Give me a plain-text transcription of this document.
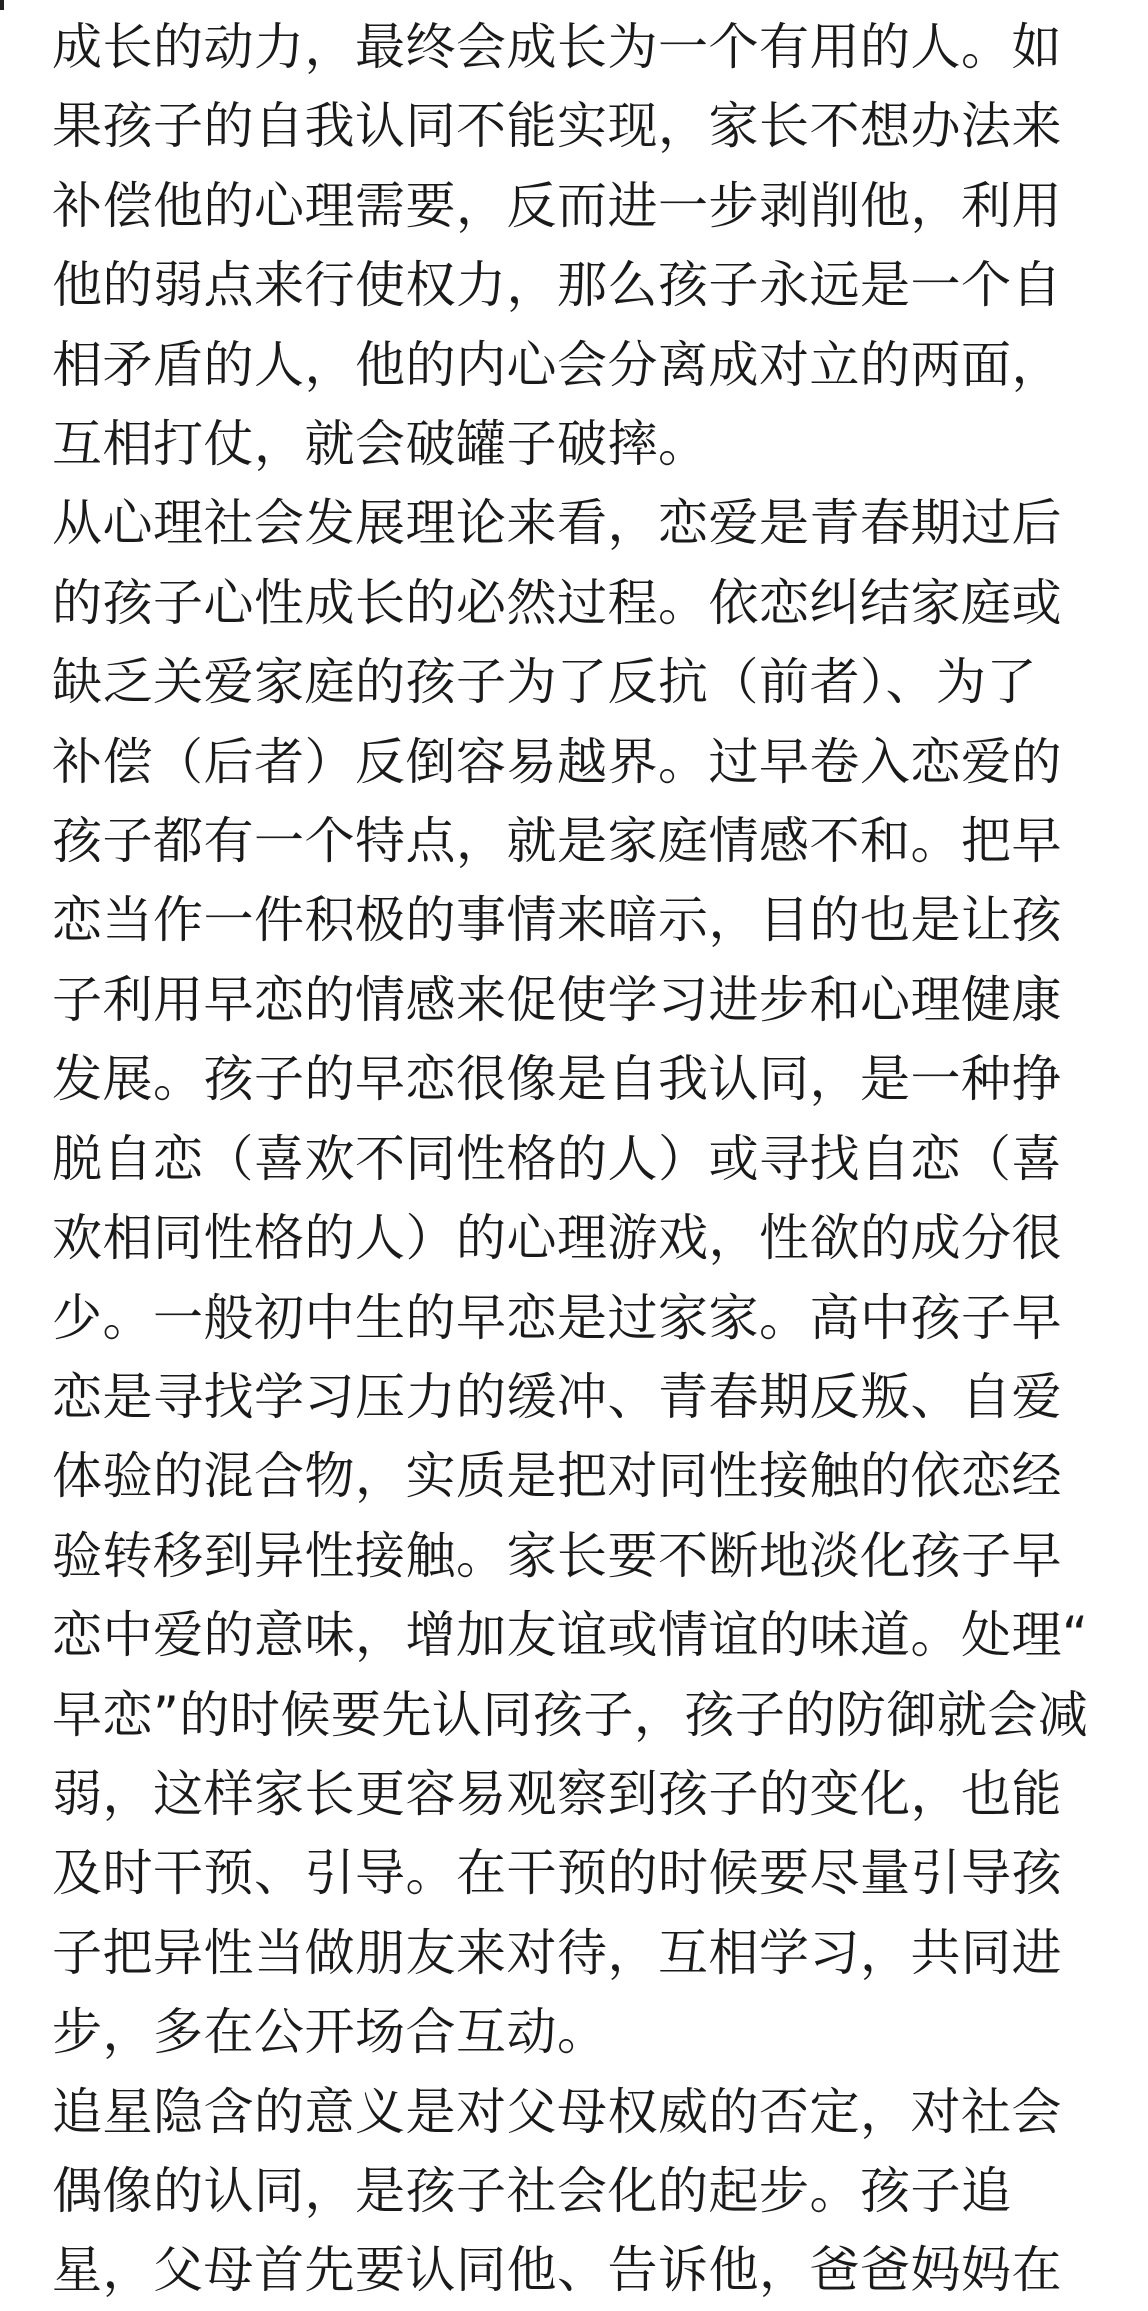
成长的动力，最终会成长为一个有用的人。如
果孩子的自我认同不能实现，家长不想办法来
补偿他的心理需要，反而进一步剥削他，利用
他的弱点来行使权力，那么孩子永远是一个自
相矛盾的人，他的内心会分离成对立的两面，
互相打仗，就会破罐子破摔。
从心理社会发展理论来看，恋爱是青春期过后
的孩子心性成长的必然过程。依恋纠结家庭或
缺乏关爱家庭的孩子为了反抗（前者）、为了
补偿（后者）反倒容易越界。过早卷入恋爱的
孩子都有一个特点，就是家庭情感不和。把早
恋当作一件积极的事情来暗示，目的也是让孩
子利用早恋的情感来促使学习进步和心理健康
发展。孩子的早恋很像是自我认同，是一种挣
脱自恋（喜欢不同性格的人）或寻找自恋（喜
欢相同性格的人）的心理游戏，性欲的成分很
少。一般初中生的早恋是过家家。高中孩子早
恋是寻找学习压力的缓冲、青春期反叛、自爱
体验的混合物，实质是把对同性接触的依恋经
验转移到异性接触。家长要不断地淡化孩子早
恋中爱的意味，增加友谊或情谊的味道。处理“
早恋”的时候要先认同孩子，孩子的防御就会减
弱，这样家长更容易观察到孩子的变化，也能
及时干预、引导。在干预的时候要尽量引导孩
子把异性当做朋友来对待，互相学习，共同进
步，多在公开场合互动。
追星隐含的意义是对父母权威的否定，对社会
偶像的认同，是孩子社会化的起步。孩子追
星，父母首先要认同他、告诉他，爸爸妈妈在
